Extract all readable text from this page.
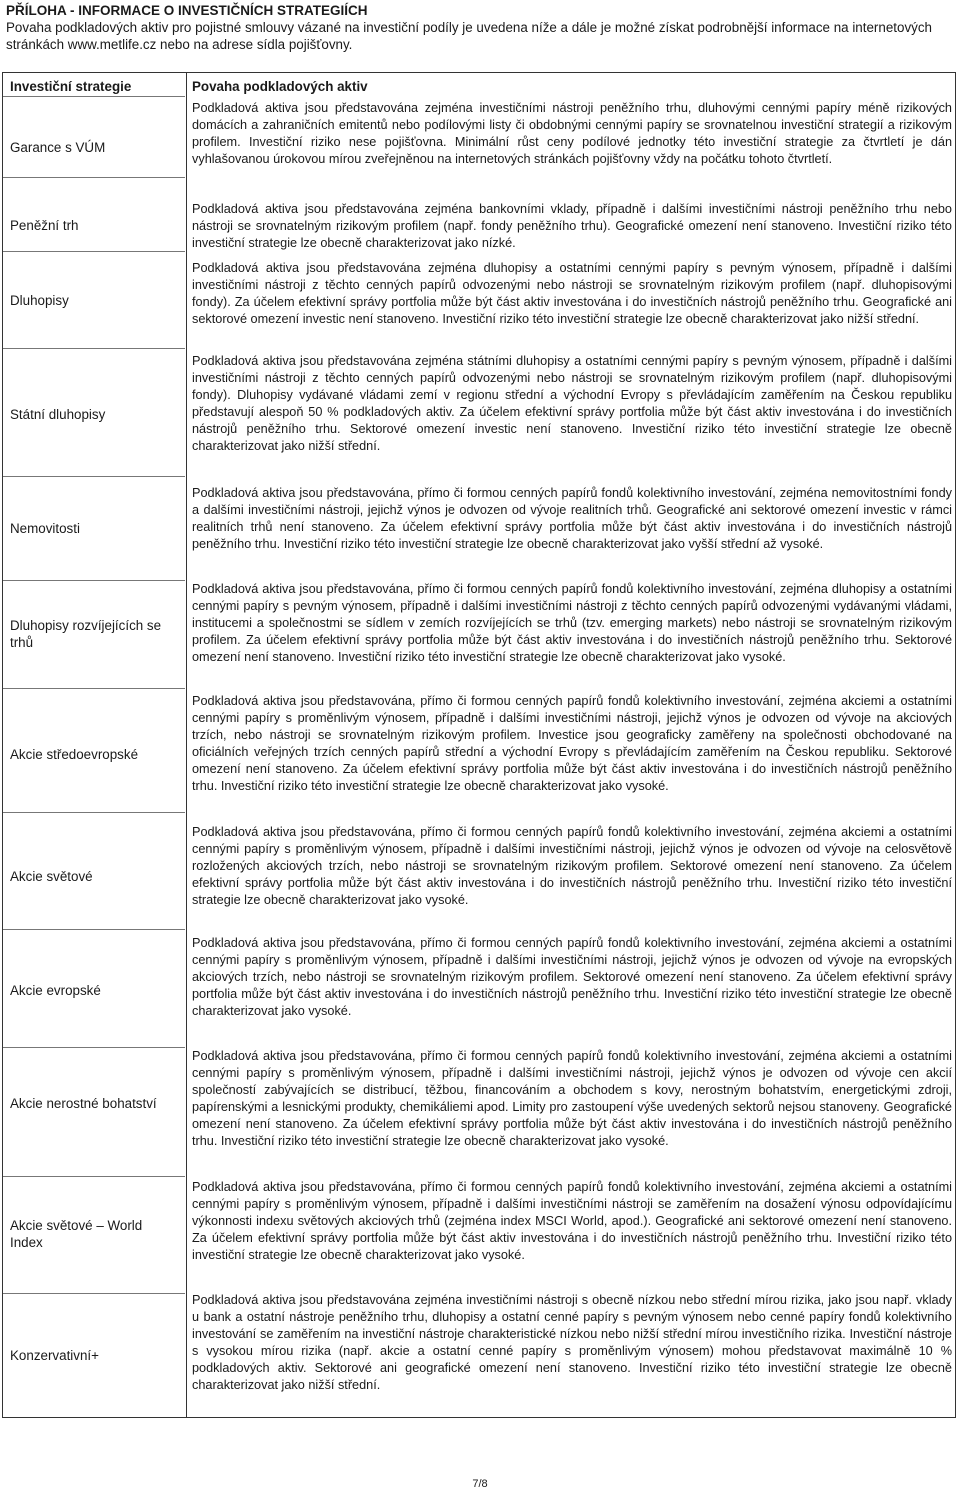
PŘÍLOHA - INFORMACE O INVESTIČNÍCH STRATEGIÍCH
Povaha podkladových aktiv pro pojistné smlouvy vázané na investiční podíly je uvedena níže a dále je možné získat podrobnější informace na internetových stránkách www.metlife.cz nebo na adrese sídla pojišťovny.
Investiční strategie
Garance s VÚM
Peněžní trh
Dluhopisy
Státní dluhopisy
Nemovitosti
Dluhopisy rozvíjejících se trhů
Akcie středoevropské
Akcie světové
Akcie evropské
Akcie nerostné bohatství
Akcie světové – World Index
Konzervativní+
Povaha podkladových aktiv
Podkladová aktiva jsou představována zejména investičními nástroji peněžního trhu, dluhovými cennými papíry méně rizikových domácích a zahraničních emitentů nebo podílovými listy či obdobnými cennými papíry se srovnatelnou investiční strategií a rizikovým profilem. Investiční riziko nese pojišťovna. Minimální růst ceny podílové jednotky této investiční strategie za čtvrtletí je dán vyhlašovanou úrokovou mírou zveřejněnou na internetových stránkách pojišťovny vždy na počátku tohoto čtvrtletí.
Podkladová aktiva jsou představována zejména bankovními vklady, případně i dalšími investičními nástroji peněžního trhu nebo nástroji se srovnatelným rizikovým profilem (např. fondy peněžního trhu). Geografické omezení není stanoveno. Investiční riziko této investiční strategie lze obecně charakterizovat jako nízké.
Podkladová aktiva jsou představována zejména dluhopisy a ostatními cennými papíry s pevným výnosem, případně i dalšími investičními nástroji z těchto cenných papírů odvozenými nebo nástroji se srovnatelným rizikovým profilem (např. dluhopisovými fondy). Za účelem efektivní správy portfolia může být část aktiv investována i do investičních nástrojů peněžního trhu. Geografické ani sektorové omezení investic není stanoveno. Investiční riziko této investiční strategie lze obecně charakterizovat jako nižší střední.
Podkladová aktiva jsou představována zejména státními dluhopisy a ostatními cennými papíry s pevným výnosem, případně i dalšími investičními nástroji z těchto cenných papírů odvozenými nebo nástroji se srovnatelným rizikovým profilem (např. dluhopisovými fondy). Dluhopisy vydávané vládami zemí v regionu střední a východní Evropy s převládajícím zaměřením na Českou republiku představují alespoň 50 % podkladových aktiv. Za účelem efektivní správy portfolia může být část aktiv investována i do investičních nástrojů peněžního trhu. Sektorové omezení investic není stanoveno. Investiční riziko této investiční strategie lze obecně charakterizovat jako nižší střední.
Podkladová aktiva jsou představována, přímo či formou cenných papírů fondů kolektivního investování, zejména nemovitostními fondy a dalšími investičními nástroji, jejichž výnos je odvozen od vývoje realitních trhů. Geografické ani sektorové omezení investic v rámci realitních trhů není stanoveno. Za účelem efektivní správy portfolia může být část aktiv investována i do investičních nástrojů peněžního trhu. Investiční riziko této investiční strategie lze obecně charakterizovat jako vyšší střední až vysoké.
Podkladová aktiva jsou představována, přímo či formou cenných papírů fondů kolektivního investování, zejména dluhopisy a ostatními cennými papíry s pevným výnosem, případně i dalšími investičními nástroji z těchto cenných papírů odvozenými vydávanými vládami, institucemi a společnostmi se sídlem v zemích rozvíjejících se trhů (tzv. emerging markets) nebo nástroji se srovnatelným rizikovým profilem. Za účelem efektivní správy portfolia může být část aktiv investována i do investičních nástrojů peněžního trhu. Sektorové omezení není stanoveno. Investiční riziko této investiční strategie lze obecně charakterizovat jako vysoké.
Podkladová aktiva jsou představována, přímo či formou cenných papírů fondů kolektivního investování, zejména akciemi a ostatními cennými papíry s proměnlivým výnosem, případně i dalšími investičními nástroji, jejichž výnos je odvozen od vývoje na akciových trzích, nebo nástroji se srovnatelným rizikovým profilem. Investice jsou geograficky zaměřeny na společnosti obchodované na oficiálních veřejných trzích cenných papírů střední a východní Evropy s převládajícím zaměřením na Českou republiku. Sektorové omezení není stanoveno. Za účelem efektivní správy portfolia může být část aktiv investována i do investičních nástrojů peněžního trhu. Investiční riziko této investiční strategie lze obecně charakterizovat jako vysoké.
Podkladová aktiva jsou představována, přímo či formou cenných papírů fondů kolektivního investování, zejména akciemi a ostatními cennými papíry s proměnlivým výnosem, případně i dalšími investičními nástroji, jejichž výnos je odvozen od vývoje na celosvětově rozložených akciových trzích, nebo nástroji se srovnatelným rizikovým profilem. Sektorové omezení není stanoveno. Za účelem efektivní správy portfolia může být část aktiv investována i do investičních nástrojů peněžního trhu. Investiční riziko této investiční strategie lze obecně charakterizovat jako vysoké.
Podkladová aktiva jsou představována, přímo či formou cenných papírů fondů kolektivního investování, zejména akciemi a ostatními cennými papíry s proměnlivým výnosem, případně i dalšími investičními nástroji, jejichž výnos je odvozen od vývoje na evropských akciových trzích, nebo nástroji se srovnatelným rizikovým profilem. Sektorové omezení není stanoveno. Za účelem efektivní správy portfolia může být část aktiv investována i do investičních nástrojů peněžního trhu. Investiční riziko této investiční strategie lze obecně charakterizovat jako vysoké.
Podkladová aktiva jsou představována, přímo či formou cenných papírů fondů kolektivního investování, zejména akciemi a ostatními cennými papíry s proměnlivým výnosem, případně i dalšími investičními nástroji, jejichž výnos je odvozen od vývoje cen akcií společností zabývajících se distribucí, těžbou, financováním a obchodem s kovy, nerostným bohatstvím, energetickými zdroji, papírenskými a lesnickými produkty, chemikáliemi apod. Limity pro zastoupení výše uvedených sektorů nejsou stanoveny. Geografické omezení není stanoveno. Za účelem efektivní správy portfolia může být část aktiv investována i do investičních nástrojů peněžního trhu. Investiční riziko této investiční strategie lze obecně charakterizovat jako vysoké.
Podkladová aktiva jsou představována, přímo či formou cenných papírů fondů kolektivního investování, zejména akciemi a ostatními cennými papíry s proměnlivým výnosem, případně i dalšími investičními nástroji se zaměřením na dosažení výnosu odpovídajícímu výkonnosti indexu světových akciových trhů (zejména index MSCI World, apod.). Geografické ani sektorové omezení není stanoveno. Za účelem efektivní správy portfolia může být část aktiv investována i do investičních nástrojů peněžního trhu. Investiční riziko této investiční strategie lze obecně charakterizovat jako vysoké.
Podkladová aktiva jsou představována zejména investičními nástroji s obecně nízkou nebo střední mírou rizika, jako jsou např. vklady u bank a ostatní nástroje peněžního trhu, dluhopisy a ostatní cenné papíry s pevným výnosem nebo cenné papíry fondů kolektivního investování se zaměřením na investiční nástroje charakteristické nízkou nebo nižší střední mírou investičního rizika. Investiční nástroje s vysokou mírou rizika (např. akcie a ostatní cenné papíry s proměnlivým výnosem) mohou představovat maximálně 10 % podkladových aktiv. Sektorové ani geografické omezení není stanoveno. Investiční riziko této investiční strategie lze obecně charakterizovat jako nižší střední.
7/8
